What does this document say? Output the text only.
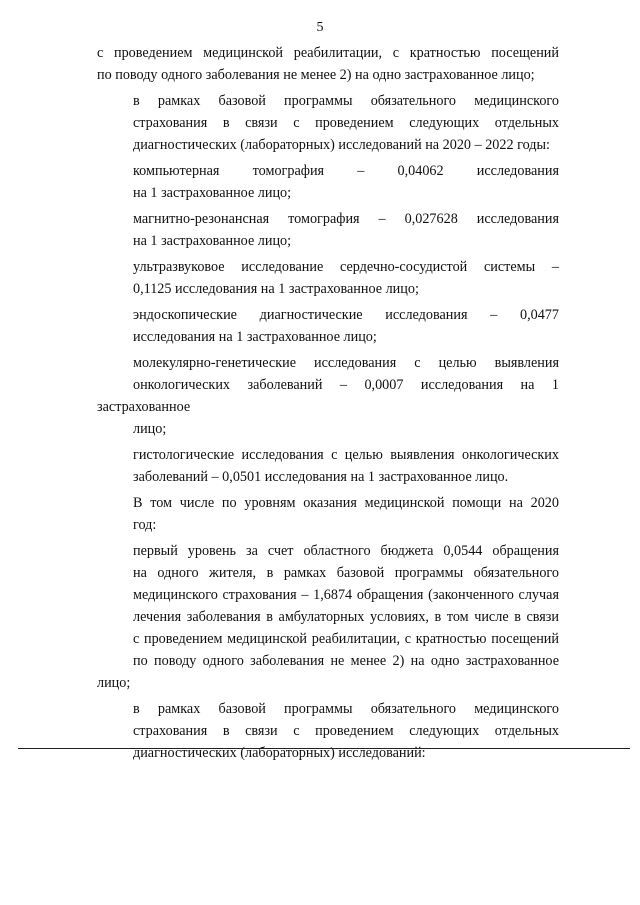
5

с проведением медицинской реабилитации, с кратностью посещений
по поводу одного заболевания не менее 2) на одно застрахованное лицо;

в рамках базовой программы обязательного медицинского
страхования в связи с проведением следующих отдельных
диагностических (лабораторных) исследований на 2020 – 2022 годы:

компьютерная томография – 0,04062 исследования
на 1 застрахованное лицо;

магнитно-резонансная томография – 0,027628 исследования
на 1 застрахованное лицо;

ультразвуковое исследование сердечно-сосудистой системы –
0,1125 исследования на 1 застрахованное лицо;

эндоскопические диагностические исследования – 0,0477
исследования на 1 застрахованное лицо;

молекулярно-генетические исследования с целью выявления
онкологических заболеваний – 0,0007 исследования на 1 застрахованное
лицо;

гистологические исследования с целью выявления онкологических
заболеваний – 0,0501 исследования на 1 застрахованное лицо.

В том числе по уровням оказания медицинской помощи на 2020
год:

первый уровень за счет областного бюджета 0,0544 обращения
на одного жителя, в рамках базовой программы обязательного
медицинского страхования – 1,6874 обращения (законченного случая
лечения заболевания в амбулаторных условиях, в том числе в связи
с проведением медицинской реабилитации, с кратностью посещений
по поводу одного заболевания не менее 2) на одно застрахованное лицо;

в рамках базовой программы обязательного медицинского
страхования в связи с проведением следующих отдельных
диагностических (лабораторных) исследований:
